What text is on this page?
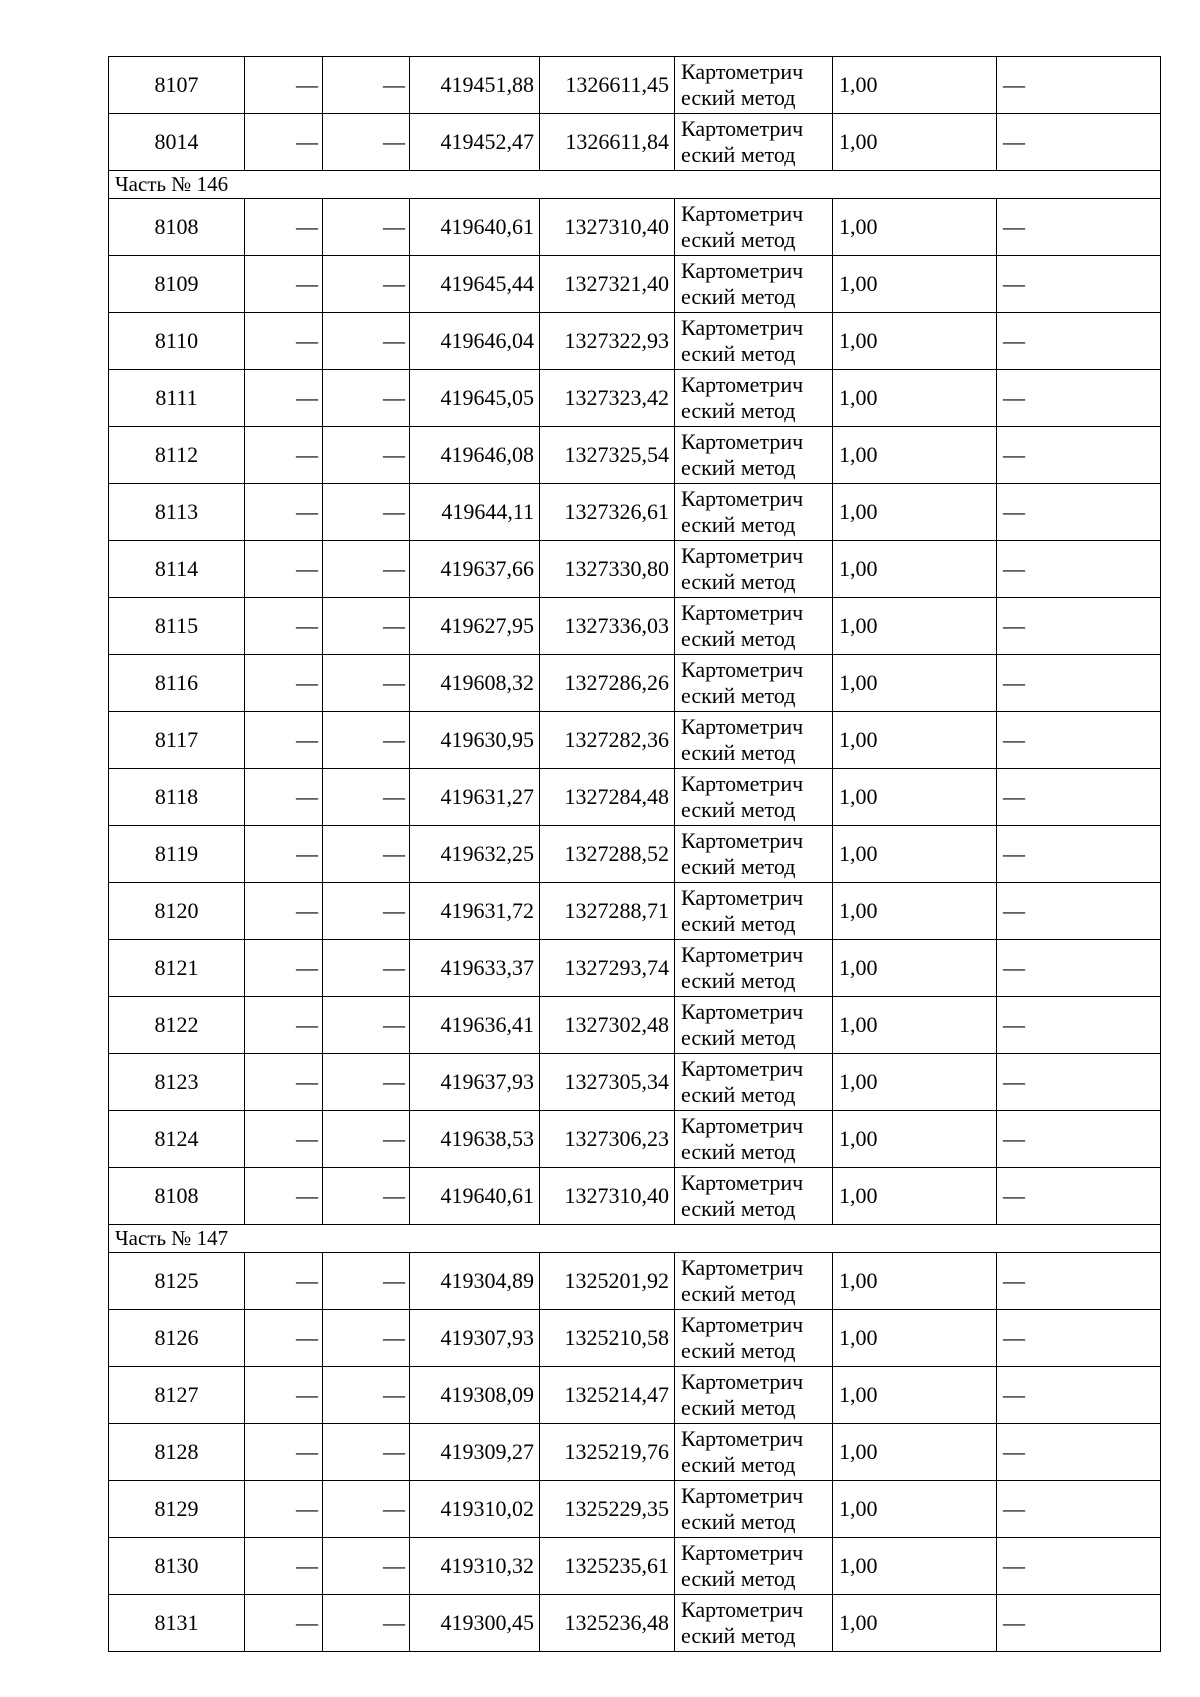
8107	—	—	419451,88	1326611,45	Картометрич
еский метод	1,00	—
8014	—	—	419452,47	1326611,84	Картометрич
еский метод	1,00	—
Часть № 146							
8108	—	—	419640,61	1327310,40	Картометрич
еский метод	1,00	—
8109	—	—	419645,44	1327321,40	Картометрич
еский метод	1,00	—
8110	—	—	419646,04	1327322,93	Картометрич
еский метод	1,00	—
8111	—	—	419645,05	1327323,42	Картометрич
еский метод	1,00	—
8112	—	—	419646,08	1327325,54	Картометрич
еский метод	1,00	—
8113	—	—	419644,11	1327326,61	Картометрич
еский метод	1,00	—
8114	—	—	419637,66	1327330,80	Картометрич
еский метод	1,00	—
8115	—	—	419627,95	1327336,03	Картометрич
еский метод	1,00	—
8116	—	—	419608,32	1327286,26	Картометрич
еский метод	1,00	—
8117	—	—	419630,95	1327282,36	Картометрич
еский метод	1,00	—
8118	—	—	419631,27	1327284,48	Картометрич
еский метод	1,00	—
8119	—	—	419632,25	1327288,52	Картометрич
еский метод	1,00	—
8120	—	—	419631,72	1327288,71	Картометрич
еский метод	1,00	—
8121	—	—	419633,37	1327293,74	Картометрич
еский метод	1,00	—
8122	—	—	419636,41	1327302,48	Картометрич
еский метод	1,00	—
8123	—	—	419637,93	1327305,34	Картометрич
еский метод	1,00	—
8124	—	—	419638,53	1327306,23	Картометрич
еский метод	1,00	—
8108	—	—	419640,61	1327310,40	Картометрич
еский метод	1,00	—
Часть № 147							
8125	—	—	419304,89	1325201,92	Картометрич
еский метод	1,00	—
8126	—	—	419307,93	1325210,58	Картометрич
еский метод	1,00	—
8127	—	—	419308,09	1325214,47	Картометрич
еский метод	1,00	—
8128	—	—	419309,27	1325219,76	Картометрич
еский метод	1,00	—
8129	—	—	419310,02	1325229,35	Картометрич
еский метод	1,00	—
8130	—	—	419310,32	1325235,61	Картометрич
еский метод	1,00	—
8131	—	—	419300,45	1325236,48	Картометрич
еский метод	1,00	—
